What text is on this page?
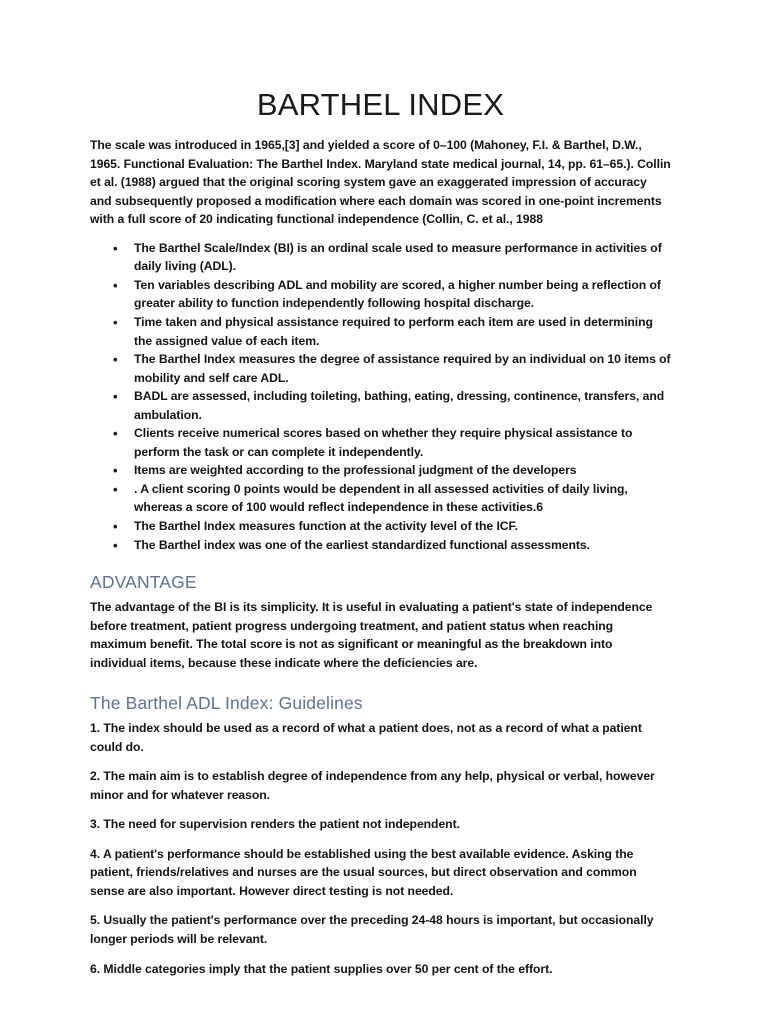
BARTHEL INDEX

The scale was introduced in 1965,[3] and yielded a score of 0–100 (Mahoney, F.I. & Barthel, D.W., 1965. Functional Evaluation: The Barthel Index. Maryland state medical journal, 14, pp. 61–65.). Collin et al. (1988) argued that the original scoring system gave an exaggerated impression of accuracy and subsequently proposed a modification where each domain was scored in one-point increments with a full score of 20 indicating functional independence (Collin, C. et al., 1988

• The Barthel Scale/Index (BI) is an ordinal scale used to measure performance in activities of daily living (ADL).
• Ten variables describing ADL and mobility are scored, a higher number being a reflection of greater ability to function independently following hospital discharge.
• Time taken and physical assistance required to perform each item are used in determining the assigned value of each item.
• The Barthel Index measures the degree of assistance required by an individual on 10 items of mobility and self care ADL.
• BADL are assessed, including toileting, bathing, eating, dressing, continence, transfers, and ambulation.
• Clients receive numerical scores based on whether they require physical assistance to perform the task or can complete it independently.
• Items are weighted according to the professional judgment of the developers
• . A client scoring 0 points would be dependent in all assessed activities of daily living, whereas a score of 100 would reflect independence in these activities.6
• The Barthel Index measures function at the activity level of the ICF.
• The Barthel index was one of the earliest standardized functional assessments.
ADVANTAGE

The advantage of the BI is its simplicity. It is useful in evaluating a patient's state of independence before treatment, patient progress undergoing treatment, and patient status when reaching maximum benefit. The total score is not as significant or meaningful as the breakdown into individual items, because these indicate where the deficiencies are.

The Barthel ADL Index: Guidelines
1. The index should be used as a record of what a patient does, not as a record of what a patient could do.
2. The main aim is to establish degree of independence from any help, physical or verbal, however minor and for whatever reason.
3. The need for supervision renders the patient not independent.
4. A patient's performance should be established using the best available evidence. Asking the patient, friends/relatives and nurses are the usual sources, but direct observation and common sense are also important. However direct testing is not needed.
5. Usually the patient's performance over the preceding 24-48 hours is important, but occasionally longer periods will be relevant.
6. Middle categories imply that the patient supplies over 50 per cent of the effort.
